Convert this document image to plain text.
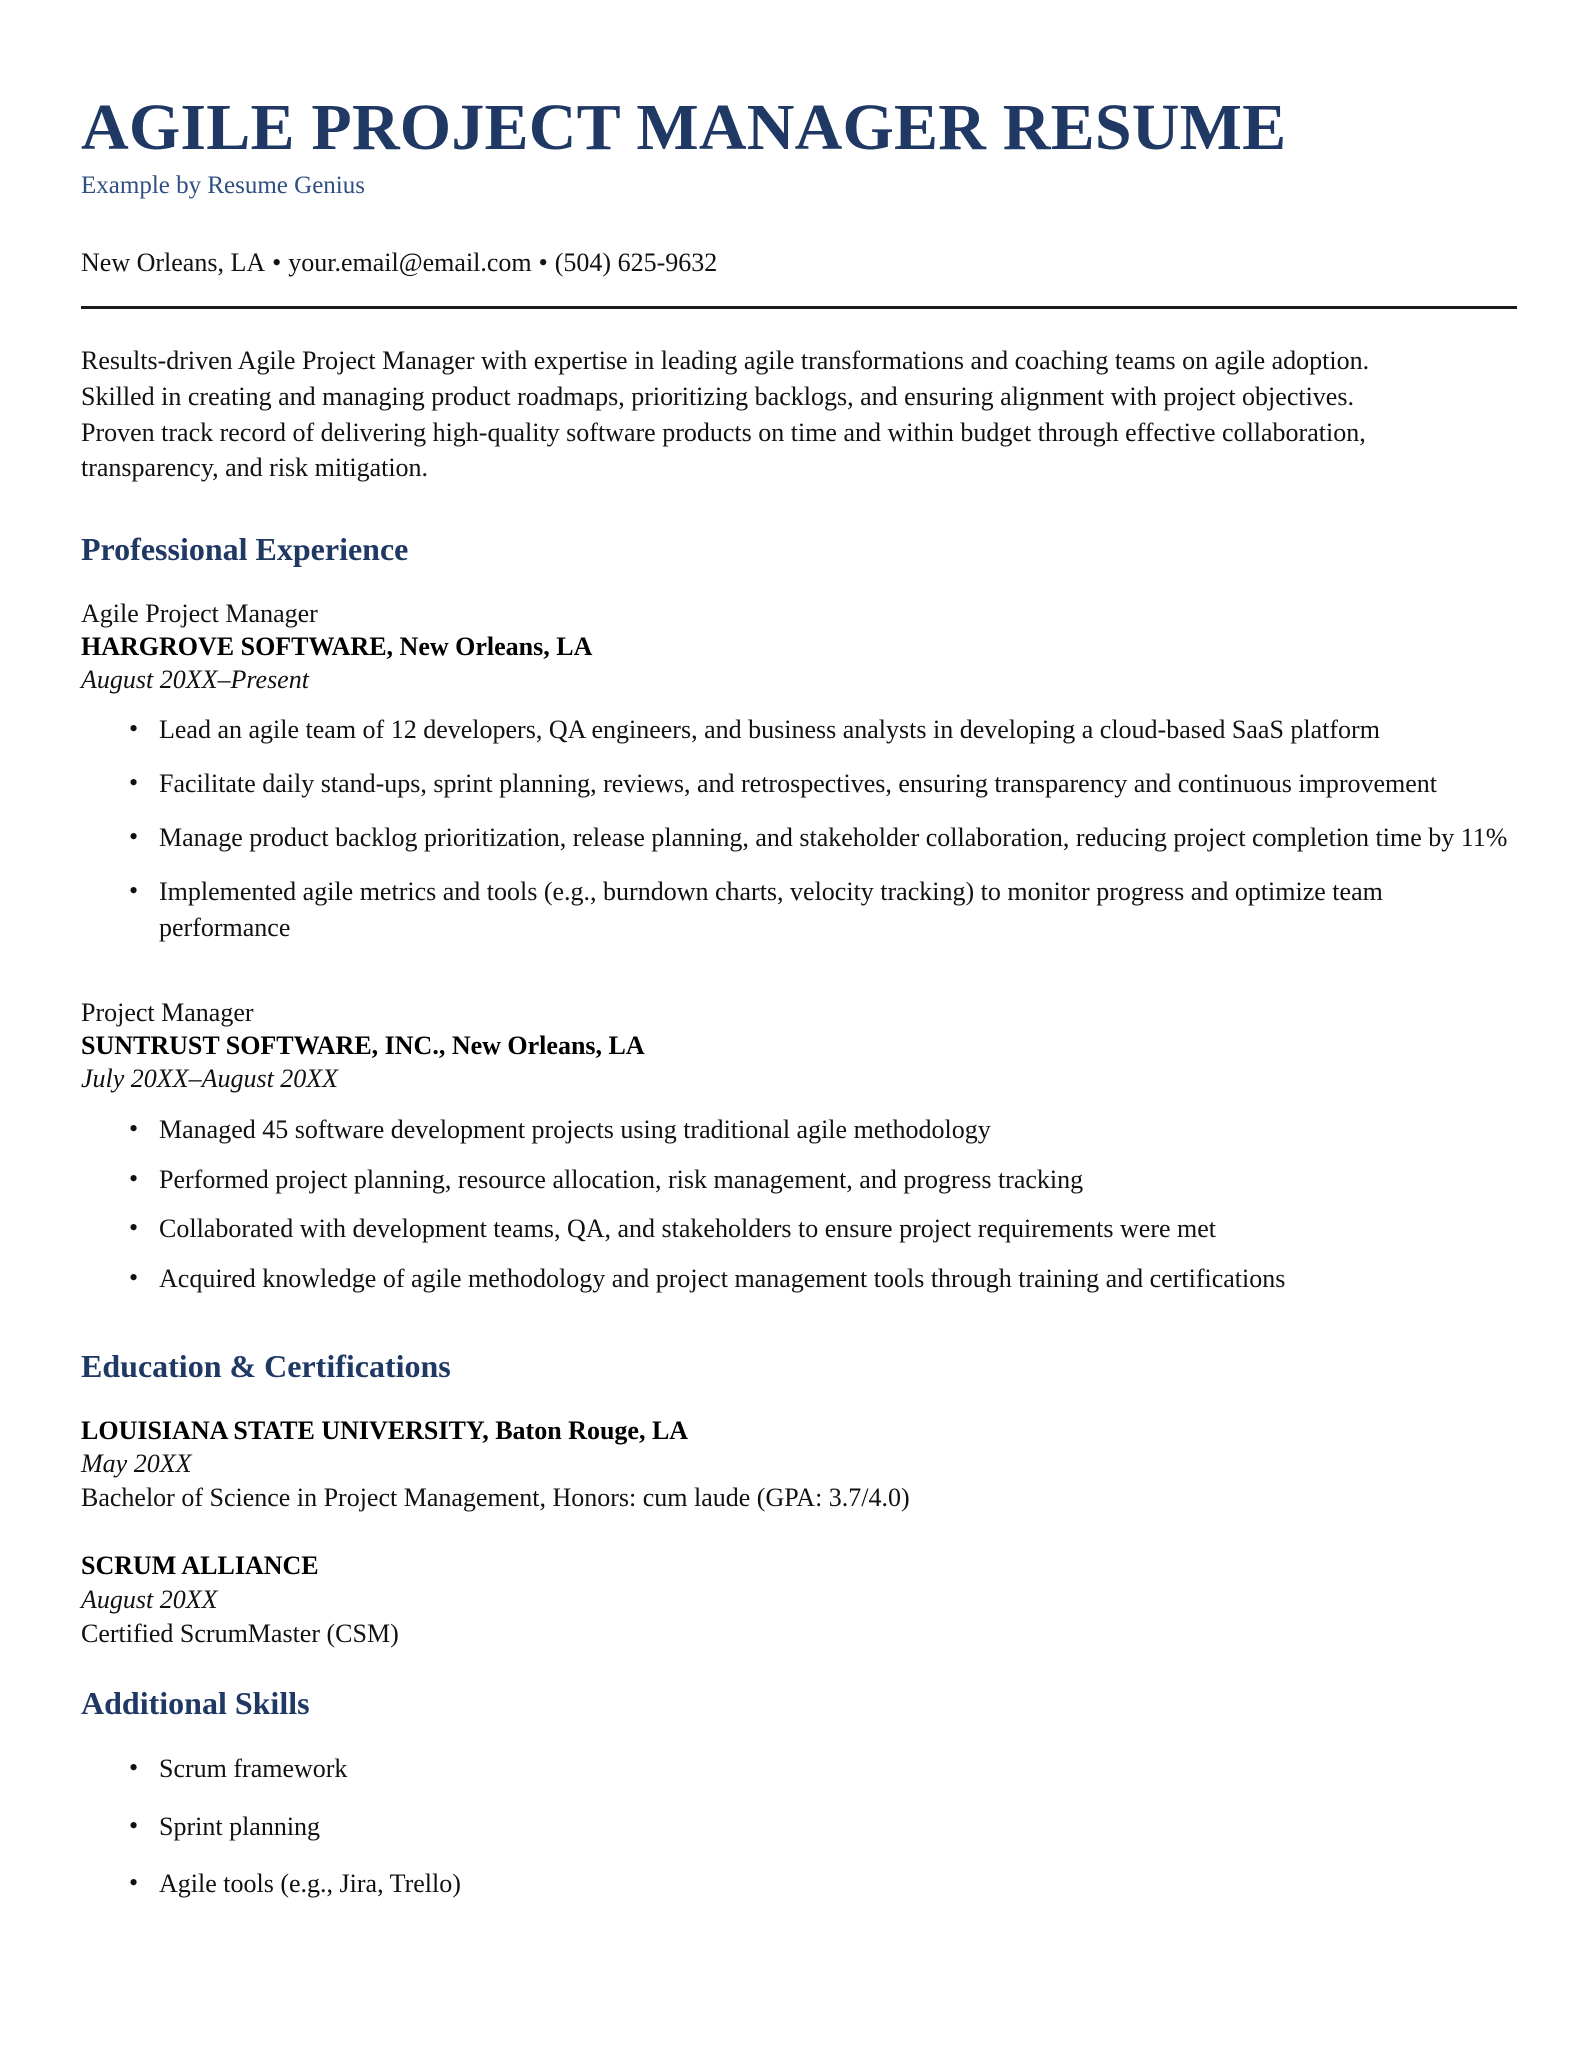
AGILE PROJECT MANAGER RESUME
Example by Resume Genius
New Orleans, LA • your.email@email.com • (504) 625-9632

Results-driven Agile Project Manager with expertise in leading agile transformations and coaching teams on agile adoption. Skilled in creating and managing product roadmaps, prioritizing backlogs, and ensuring alignment with project objectives. Proven track record of delivering high-quality software products on time and within budget through effective collaboration, transparency, and risk mitigation.

Professional Experience
Agile Project Manager
HARGROVE SOFTWARE, New Orleans, LA
August 20XX–Present
• Lead an agile team of 12 developers, QA engineers, and business analysts in developing a cloud-based SaaS platform
• Facilitate daily stand-ups, sprint planning, reviews, and retrospectives, ensuring transparency and continuous improvement
• Manage product backlog prioritization, release planning, and stakeholder collaboration, reducing project completion time by 11%
• Implemented agile metrics and tools (e.g., burndown charts, velocity tracking) to monitor progress and optimize team performance
Project Manager
SUNTRUST SOFTWARE, INC., New Orleans, LA
July 20XX–August 20XX
• Managed 45 software development projects using traditional agile methodology
• Performed project planning, resource allocation, risk management, and progress tracking
• Collaborated with development teams, QA, and stakeholders to ensure project requirements were met
• Acquired knowledge of agile methodology and project management tools through training and certifications
Education & Certifications
LOUISIANA STATE UNIVERSITY, Baton Rouge, LA
May 20XX
Bachelor of Science in Project Management, Honors: cum laude (GPA: 3.7/4.0)
SCRUM ALLIANCE
August 20XX
Certified ScrumMaster (CSM)
Additional Skills
• Scrum framework
• Sprint planning
• Agile tools (e.g., Jira, Trello)
